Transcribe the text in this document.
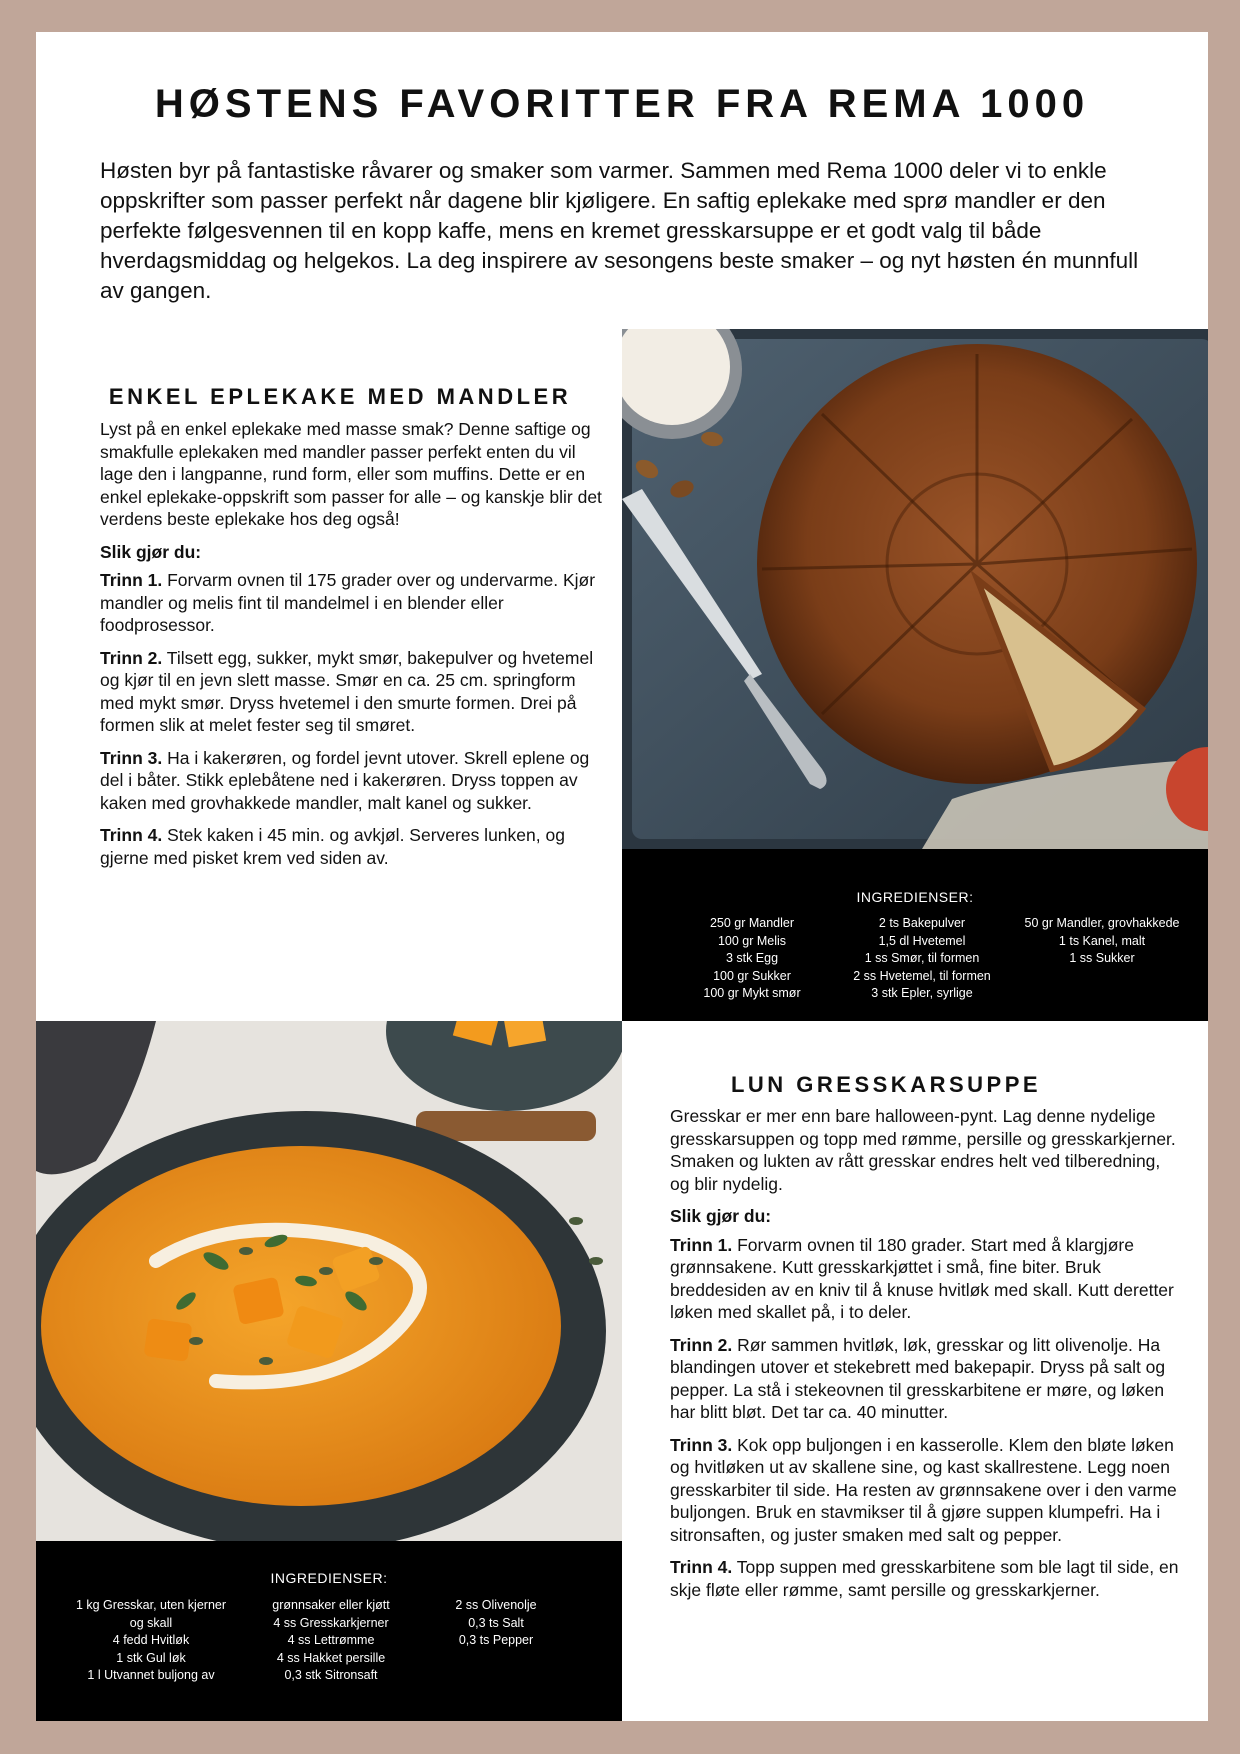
HØSTENS FAVORITTER FRA REMA 1000

Høsten byr på fantastiske råvarer og smaker som varmer. Sammen med Rema 1000 deler vi to enkle oppskrifter som passer perfekt når dagene blir kjøligere. En saftig eplekake med sprø mandler er den perfekte følgesvennen til en kopp kaffe, mens en kremet gresskarsuppe er et godt valg til både hverdagsmiddag og helgekos. La deg inspirere av sesongens beste smaker – og nyt høsten én munnfull av gangen.

ENKEL EPLEKAKE MED MANDLER

Lyst på en enkel eplekake med masse smak? Denne saftige og smakfulle eplekaken med mandler passer perfekt enten du vil lage den i langpanne, rund form, eller som muffins. Dette er en enkel eplekake-oppskrift som passer for alle – og kanskje blir det verdens beste eplekake hos deg også!

Slik gjør du:

Trinn 1. Forvarm ovnen til 175 grader over og undervarme. Kjør mandler og melis fint til mandelmel i en blender eller foodprosessor.

Trinn 2. Tilsett egg, sukker, mykt smør, bakepulver og hvetemel og kjør til en jevn slett masse. Smør en ca. 25 cm. springform med mykt smør. Dryss hvetemel i den smurte formen. Drei på formen slik at melet fester seg til smøret.

Trinn 3. Ha i kakerøren, og fordel jevnt utover. Skrell eplene og del i båter. Stikk eplebåtene ned i kakerøren. Dryss toppen av kaken med grovhakkede mandler, malt kanel og sukker.

Trinn 4. Stek kaken i 45 min. og avkjøl. Serveres lunken, og gjerne med pisket krem ved siden av.

INGREDIENSER:

250 gr Mandler
100 gr Melis
3 stk Egg
100 gr Sukker
100 gr Mykt smør
2 ts Bakepulver
1,5 dl Hvetemel
1 ss Smør, til formen
2 ss Hvetemel, til formen
3 stk Epler, syrlige
50 gr Mandler, grovhakkede
1 ts Kanel, malt
1 ss Sukker

INGREDIENSER:

1 kg Gresskar, uten kjerner
og skall
4 fedd Hvitløk
1 stk Gul løk
1 l Utvannet buljong av
grønnsaker eller kjøtt
4 ss Gresskarkjerner
4 ss Lettrømme
4 ss Hakket persille
0,3 stk Sitronsaft
2 ss Olivenolje
0,3 ts Salt
0,3 ts Pepper
LUN GRESSKARSUPPE

Gresskar er mer enn bare halloween-pynt. Lag denne nydelige gresskarsuppen og topp med rømme, persille og gresskarkjerner. Smaken og lukten av rått gresskar endres helt ved tilberedning, og blir nydelig.

Slik gjør du:

Trinn 1. Forvarm ovnen til 180 grader. Start med å klargjøre grønnsakene. Kutt gresskarkjøttet i små, fine biter. Bruk breddesiden av en kniv til å knuse hvitløk med skall. Kutt deretter løken med skallet på, i to deler.

Trinn 2. Rør sammen hvitløk, løk, gresskar og litt olivenolje. Ha blandingen utover et stekebrett med bakepapir. Dryss på salt og pepper. La stå i stekeovnen til gresskarbitene er møre, og løken har blitt bløt. Det tar ca. 40 minutter.

Trinn 3. Kok opp buljongen i en kasserolle. Klem den bløte løken og hvitløken ut av skallene sine, og kast skallrestene. Legg noen gresskarbiter til side. Ha resten av grønnsakene over i den varme buljongen. Bruk en stavmikser til å gjøre suppen klumpefri. Ha i sitronsaften, og juster smaken med salt og pepper.

Trinn 4. Topp suppen med gresskarbitene som ble lagt til side, en skje fløte eller rømme, samt persille og gresskarkjerner.
